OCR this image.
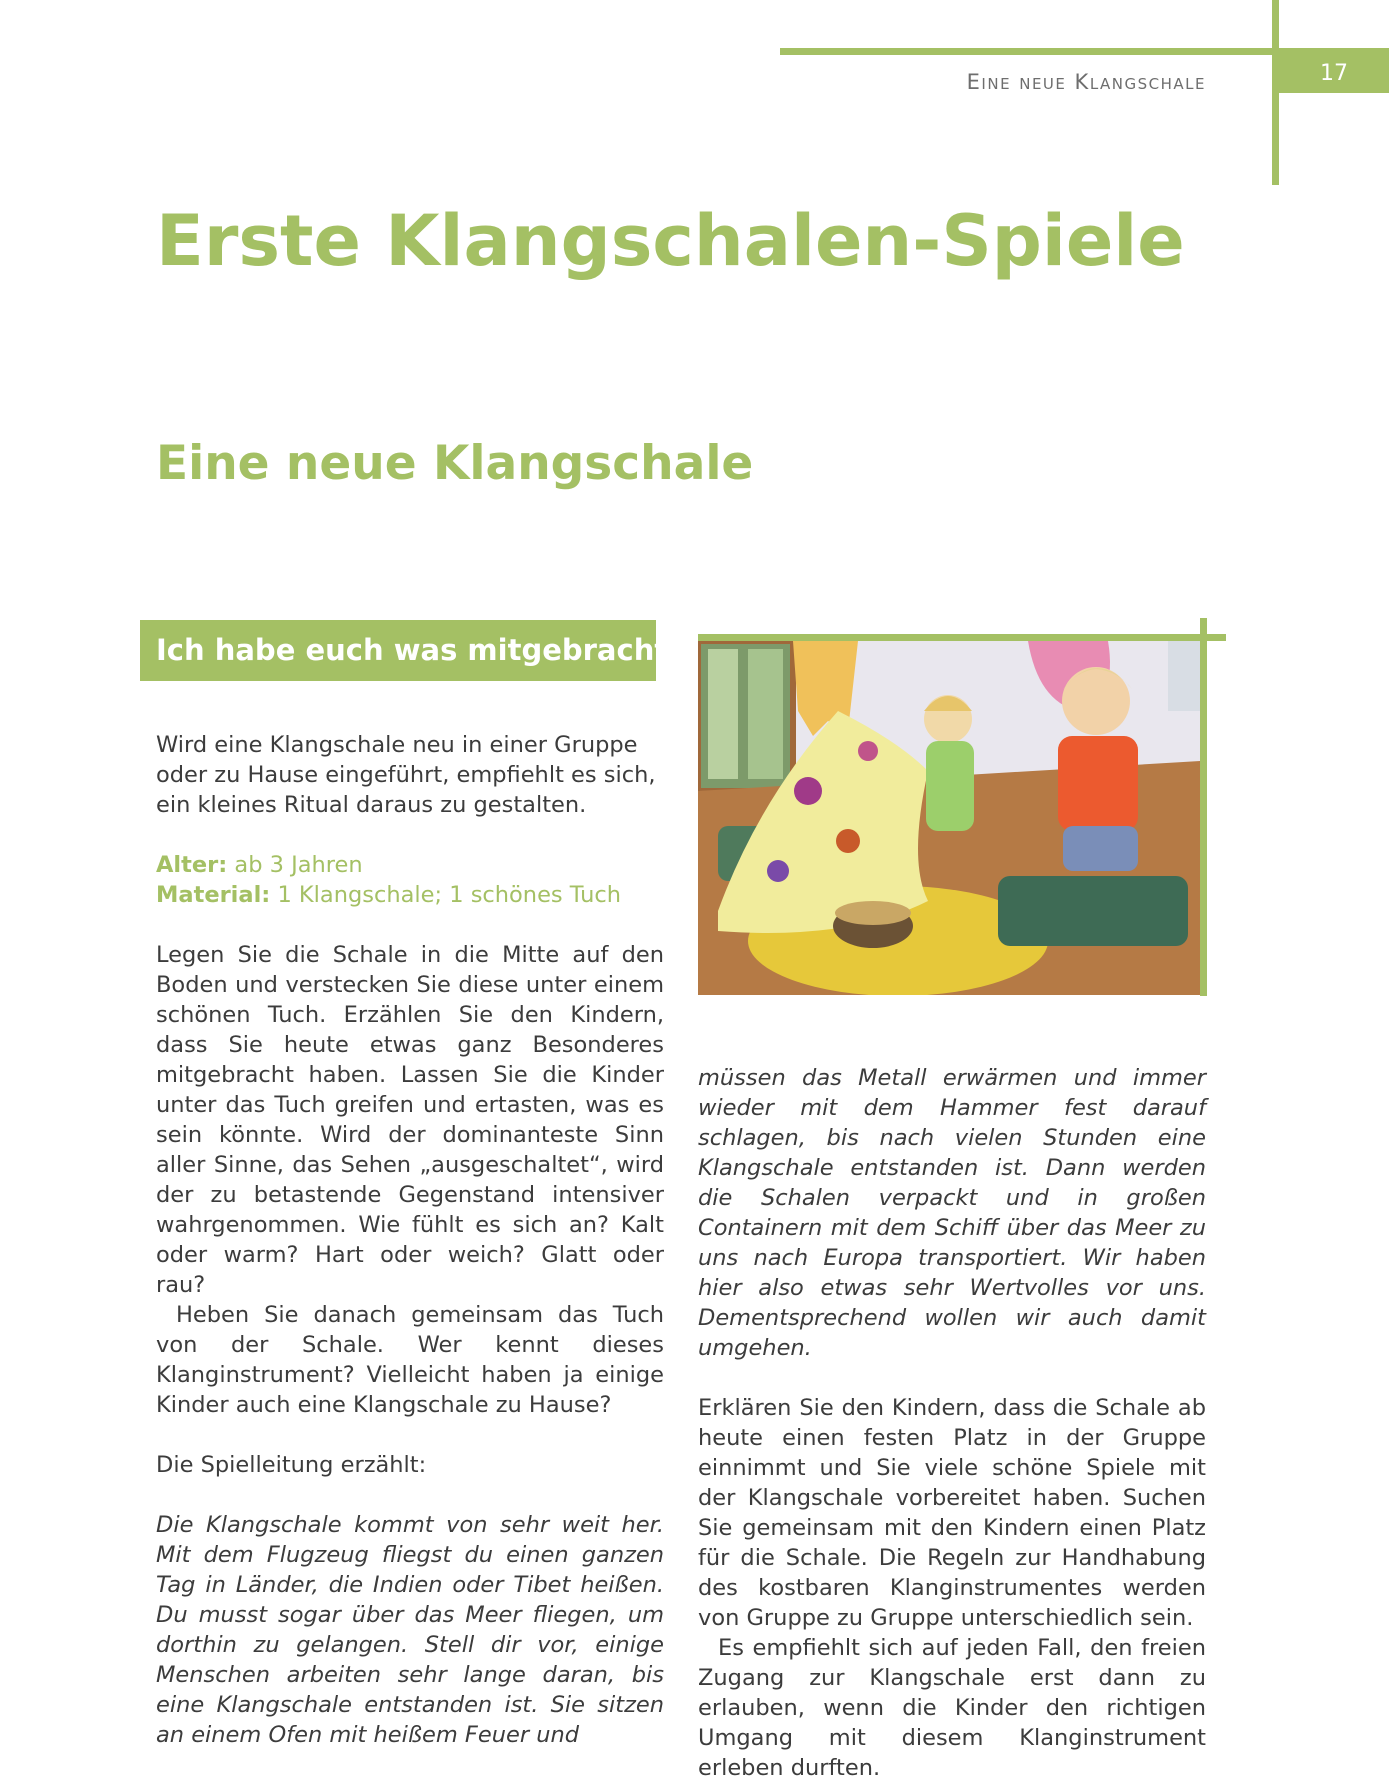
17
Eine neue Klangschale
Erste Klangschalen-Spiele
Eine neue Klangschale
Ich habe euch was mitgebracht!

Wird eine Klangschale neu in einer Gruppe oder zu Hause eingeführt, empfiehlt es sich, ein kleines Ritual daraus zu gestalten.

Alter: ab 3 Jahren

Material: 1 Klangschale; 1 schönes Tuch

Legen Sie die Schale in die Mitte auf den Boden und verstecken Sie diese unter einem schönen Tuch. Erzählen Sie den Kindern, dass Sie heute etwas ganz Besonderes mitgebracht haben. Lassen Sie die Kinder unter das Tuch greifen und ertasten, was es sein könnte. Wird der dominanteste Sinn aller Sinne, das Sehen „ausgeschaltet“, wird der zu betastende Gegenstand intensiver wahrgenommen. Wie fühlt es sich an? Kalt oder warm? Hart oder weich? Glatt oder rau?

Heben Sie danach gemeinsam das Tuch von der Schale. Wer kennt dieses Klanginstrument? Vielleicht haben ja einige Kinder auch eine Klangschale zu Hause?

Die Spielleitung erzählt:

Die Klangschale kommt von sehr weit her. Mit dem Flugzeug fliegst du einen ganzen Tag in Länder, die Indien oder Tibet heißen. Du musst sogar über das Meer fliegen, um dorthin zu gelangen. Stell dir vor, einige Menschen arbeiten sehr lange daran, bis eine Klangschale entstanden ist. Sie sitzen an einem Ofen mit heißem Feuer und

müssen das Metall erwärmen und immer wieder mit dem Hammer fest darauf schlagen, bis nach vielen Stunden eine Klangschale entstanden ist. Dann werden die Schalen verpackt und in großen Containern mit dem Schiff über das Meer zu uns nach Europa transportiert. Wir haben hier also etwas sehr Wertvolles vor uns. Dementsprechend wollen wir auch damit umgehen.

Erklären Sie den Kindern, dass die Schale ab heute einen festen Platz in der Gruppe einnimmt und Sie viele schöne Spiele mit der Klangschale vorbereitet haben. Suchen Sie gemeinsam mit den Kindern einen Platz für die Schale. Die Regeln zur Handhabung des kostbaren Klanginstrumentes werden von Gruppe zu Gruppe unterschiedlich sein.

Es empfiehlt sich auf jeden Fall, den freien Zugang zur Klangschale erst dann zu erlauben, wenn die Kinder den richtigen Umgang mit diesem Klanginstrument erleben durften.
